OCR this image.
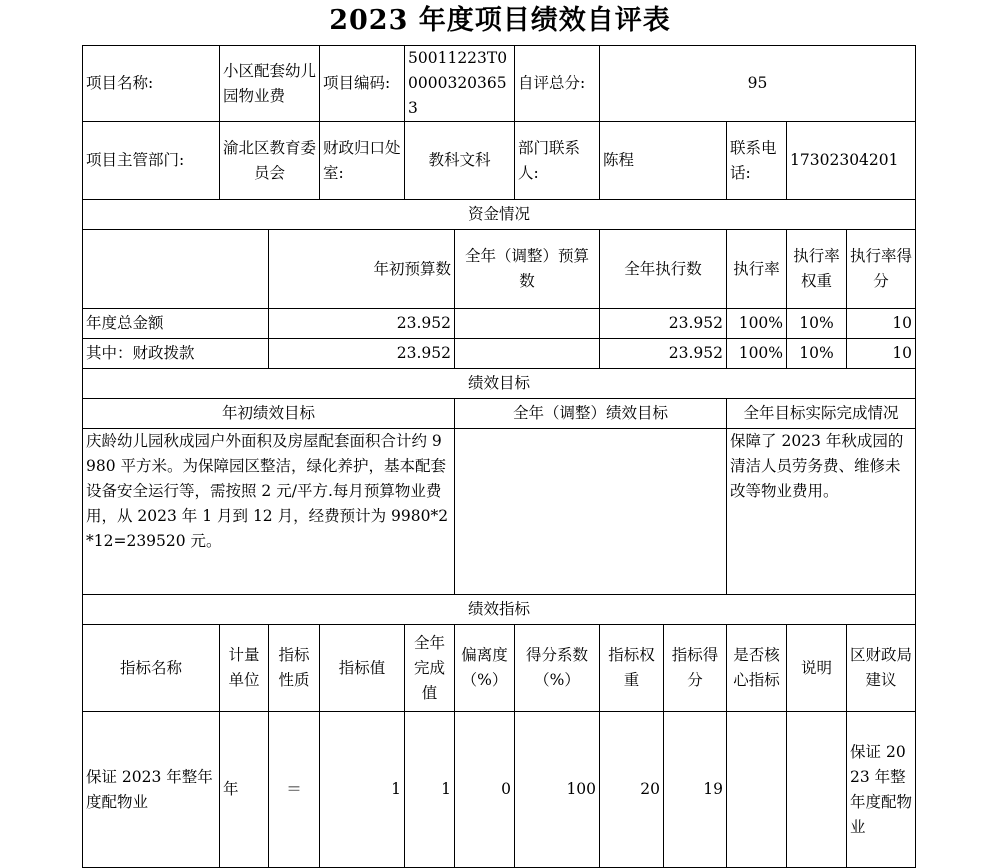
2023 年度项目绩效自评表
项目名称:	小区配套幼儿园物业费		项目编码:	50011223T000003203653		自评总分:	95				
项目主管部门:	渝北区教育委员会		财政归口处室:	教科文科		部门联系人:	陈程		联系电话:	17302304201	
资金情况											
		年初预算数			全年（调整）预算数		全年执行数		执行率	执行率权重	执行率得分
年度总金额		23.952					23.952		100%	10%	10
其中：财政拨款		23.952					23.952		100%	10%	10
绩效目标											
年初绩效目标					全年（调整）绩效目标				全年目标实际完成情况		
庆龄幼儿园秋成园户外面积及房屋配套面积合计约 9980 平方米。为保障园区整洁，绿化养护，基本配套设备安全运行等，需按照 2 元/平方.每月预算物业费用，从 2023 年 1 月到 12 月，经费预计为 9980*2*12=239520 元。									保障了 2023 年秋成园的清洁人员劳务费、维修未改等物业费用。		
绩效指标											
指标名称	计量单位	指标性质	指标值	全年完成值	偏离度（%）	得分系数（%）	指标权重	指标得分	是否核心指标	说明	区财政局建议
保证 2023 年整年度配物业	年	＝	1	1	0	100	20	19			保证 2023 年整年度配物业
